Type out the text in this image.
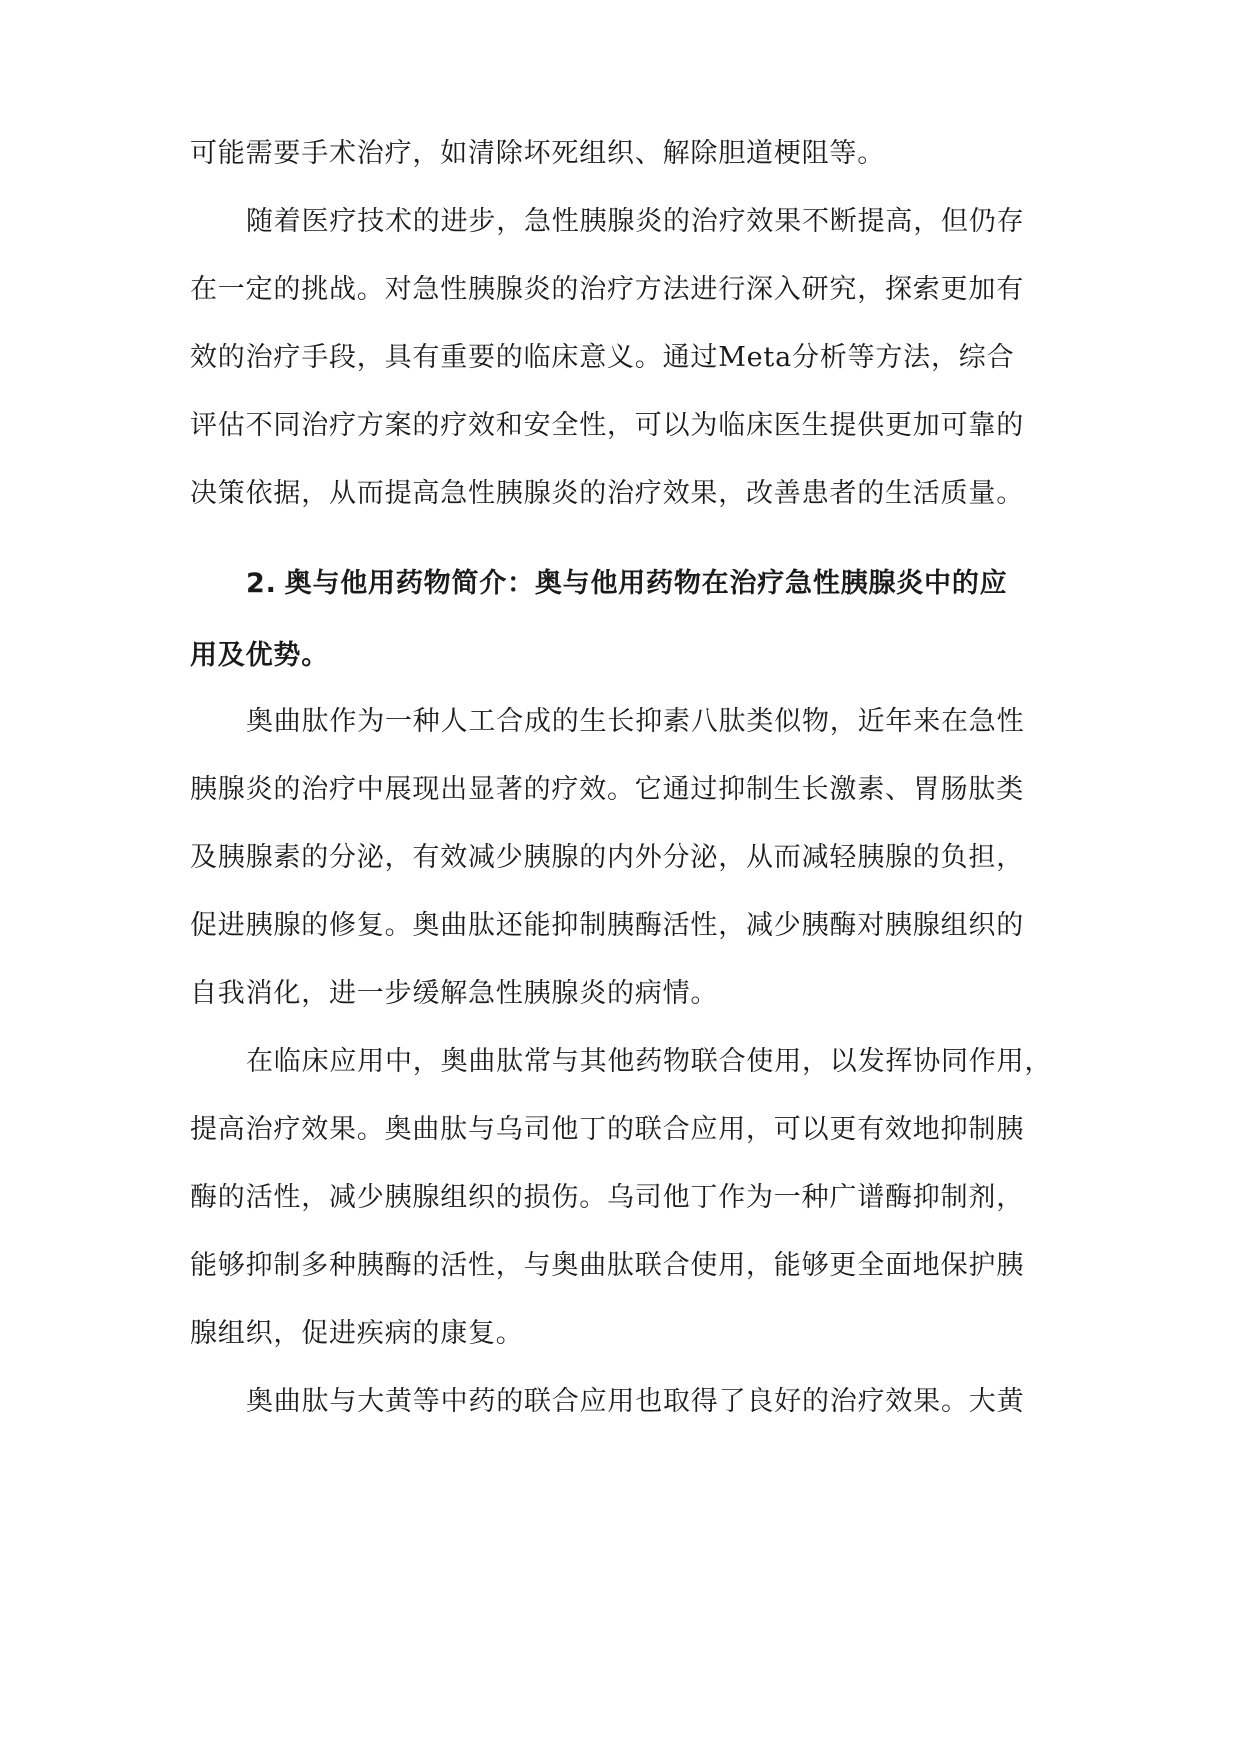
可能需要手术治疗，如清除坏死组织、解除胆道梗阻等。
随着医疗技术的进步，急性胰腺炎的治疗效果不断提高，但仍存
在一定的挑战。对急性胰腺炎的治疗方法进行深入研究，探索更加有
效的治疗手段，具有重要的临床意义。通过Meta分析等方法，综合
评估不同治疗方案的疗效和安全性，可以为临床医生提供更加可靠的
决策依据，从而提高急性胰腺炎的治疗效果，改善患者的生活质量。
2. 奥与他用药物简介：奥与他用药物在治疗急性胰腺炎中的应
用及优势。
奥曲肽作为一种人工合成的生长抑素八肽类似物，近年来在急性
胰腺炎的治疗中展现出显著的疗效。它通过抑制生长激素、胃肠肽类
及胰腺素的分泌，有效减少胰腺的内外分泌，从而减轻胰腺的负担，
促进胰腺的修复。奥曲肽还能抑制胰酶活性，减少胰酶对胰腺组织的
自我消化，进一步缓解急性胰腺炎的病情。
在临床应用中，奥曲肽常与其他药物联合使用，以发挥协同作用，
提高治疗效果。奥曲肽与乌司他丁的联合应用，可以更有效地抑制胰
酶的活性，减少胰腺组织的损伤。乌司他丁作为一种广谱酶抑制剂，
能够抑制多种胰酶的活性，与奥曲肽联合使用，能够更全面地保护胰
腺组织，促进疾病的康复。
奥曲肽与大黄等中药的联合应用也取得了良好的治疗效果。大黄
